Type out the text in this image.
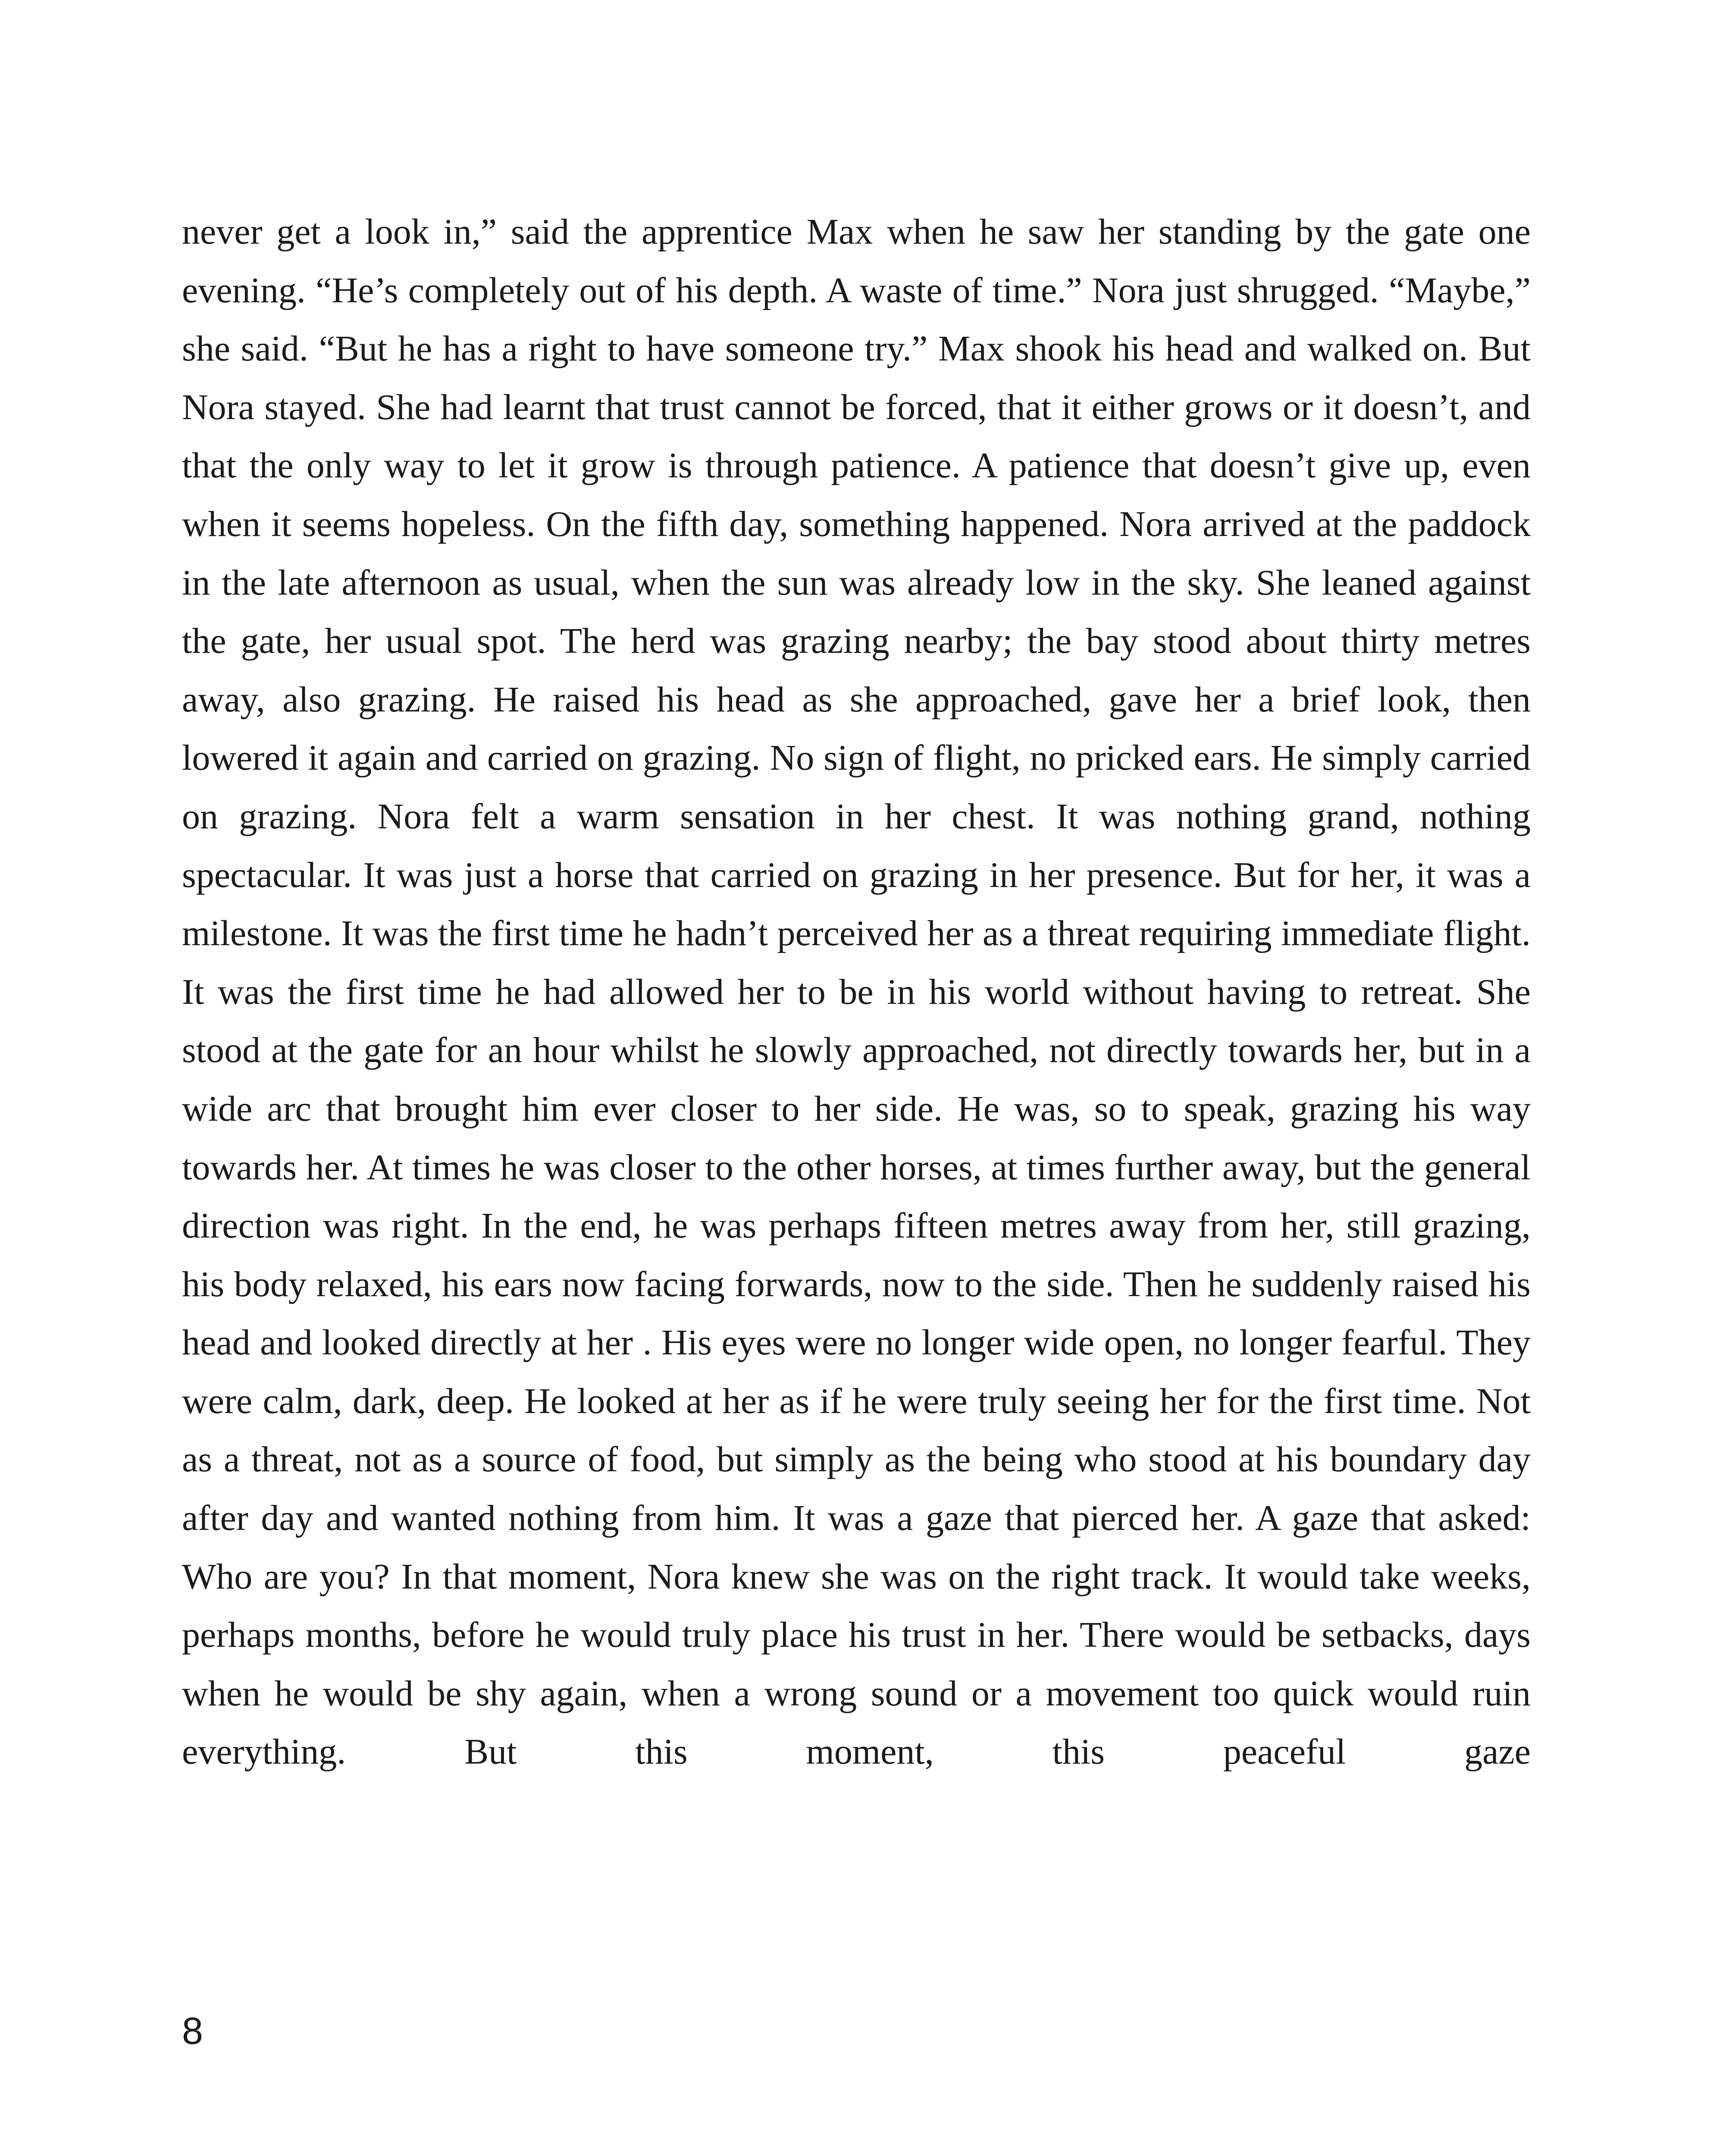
never get a look in,” said the apprentice Max when he saw her standing by the gate one evening. “He’s completely out of his depth. A waste of time.” Nora just shrugged. “Maybe,” she said. “But he has a right to have someone try.” Max shook his head and walked on. But Nora stayed. She had learnt that trust cannot be forced, that it either grows or it doesn’t, and that the only way to let it grow is through patience. A patience that doesn’t give up, even when it seems hopeless. On the fifth day, something happened. Nora arrived at the paddock in the late afternoon as usual, when the sun was already low in the sky. She leaned against the gate, her usual spot. The herd was grazing nearby; the bay stood about thirty metres away, also grazing. He raised his head as she approached, gave her a brief look, then lowered it again and carried on grazing. No sign of flight, no pricked ears. He simply carried on grazing. Nora felt a warm sensation in her chest. It was nothing grand, nothing spectacular. It was just a horse that carried on grazing in her presence. But for her, it was a milestone. It was the first time he hadn’t perceived her as a threat requiring immediate flight. It was the first time he had allowed her to be in his world without having to retreat. She stood at the gate for an hour whilst he slowly approached, not directly towards her, but in a wide arc that brought him ever closer to her side. He was, so to speak, grazing his way towards her. At times he was closer to the other horses, at times further away, but the general direction was right. In the end, he was perhaps fifteen metres away from her, still grazing, his body relaxed, his ears now facing forwards, now to the side. Then he suddenly raised his head and looked directly at her . His eyes were no longer wide open, no longer fearful. They were calm, dark, deep. He looked at her as if he were truly seeing her for the first time. Not as a threat, not as a source of food, but simply as the being who stood at his boundary day after day and wanted nothing from him. It was a gaze that pierced her. A gaze that asked: Who are you? In that moment, Nora knew she was on the right track. It would take weeks, perhaps months, before he would truly place his trust in her. There would be setbacks, days when he would be shy again, when a wrong sound or a movement too quick would ruin everything. But this moment, this peaceful gaze

8
